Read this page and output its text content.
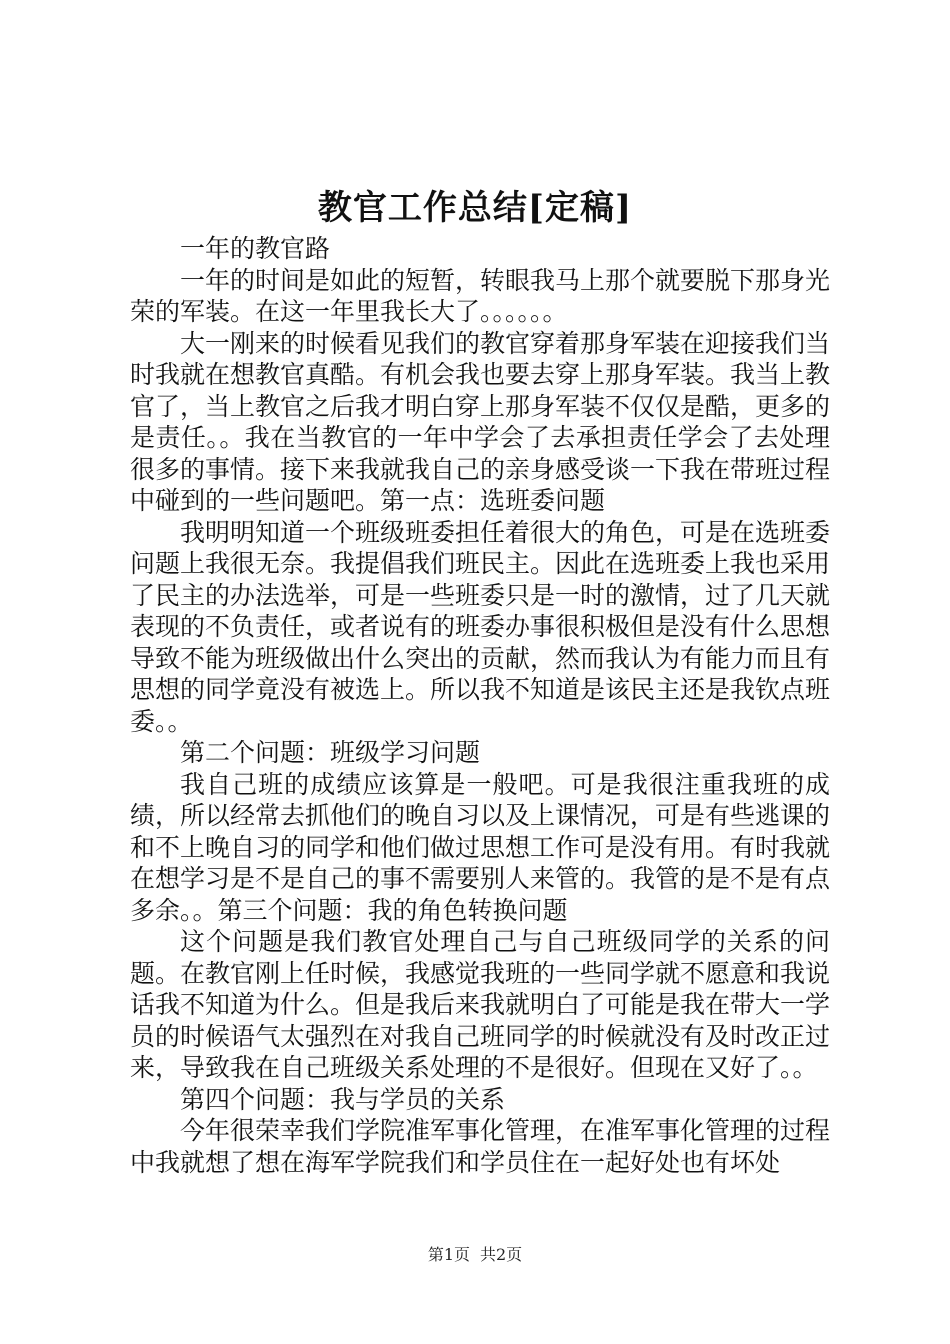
教官工作总结[定稿]

一年的教官路

一年的时间是如此的短暂，转眼我马上那个就要脱下那身光荣的军装。在这一年里我长大了。。。。。。

大一刚来的时候看见我们的教官穿着那身军装在迎接我们当时我就在想教官真酷。有机会我也要去穿上那身军装。我当上教官了，当上教官之后我才明白穿上那身军装不仅仅是酷，更多的是责任。。我在当教官的一年中学会了去承担责任学会了去处理很多的事情。接下来我就我自己的亲身感受谈一下我在带班过程中碰到的一些问题吧。第一点：选班委问题

我明明知道一个班级班委担任着很大的角色，可是在选班委问题上我很无奈。我提倡我们班民主。因此在选班委上我也采用了民主的办法选举，可是一些班委只是一时的激情，过了几天就表现的不负责任，或者说有的班委办事很积极但是没有什么思想导致不能为班级做出什么突出的贡献，然而我认为有能力而且有思想的同学竟没有被选上。所以我不知道是该民主还是我钦点班委。。

第二个问题：班级学习问题

我自己班的成绩应该算是一般吧。可是我很注重我班的成绩，所以经常去抓他们的晚自习以及上课情况，可是有些逃课的和不上晚自习的同学和他们做过思想工作可是没有用。有时我就在想学习是不是自己的事不需要别人来管的。我管的是不是有点多余。。第三个问题：我的角色转换问题

这个问题是我们教官处理自己与自己班级同学的关系的问题。在教官刚上任时候，我感觉我班的一些同学就不愿意和我说话我不知道为什么。但是我后来我就明白了可能是我在带大一学员的时候语气太强烈在对我自己班同学的时候就没有及时改正过来，导致我在自己班级关系处理的不是很好。但现在又好了。。

第四个问题：我与学员的关系

今年很荣幸我们学院准军事化管理，在准军事化管理的过程中我就想了想在海军学院我们和学员住在一起好处也有坏处

第1页 共2页
